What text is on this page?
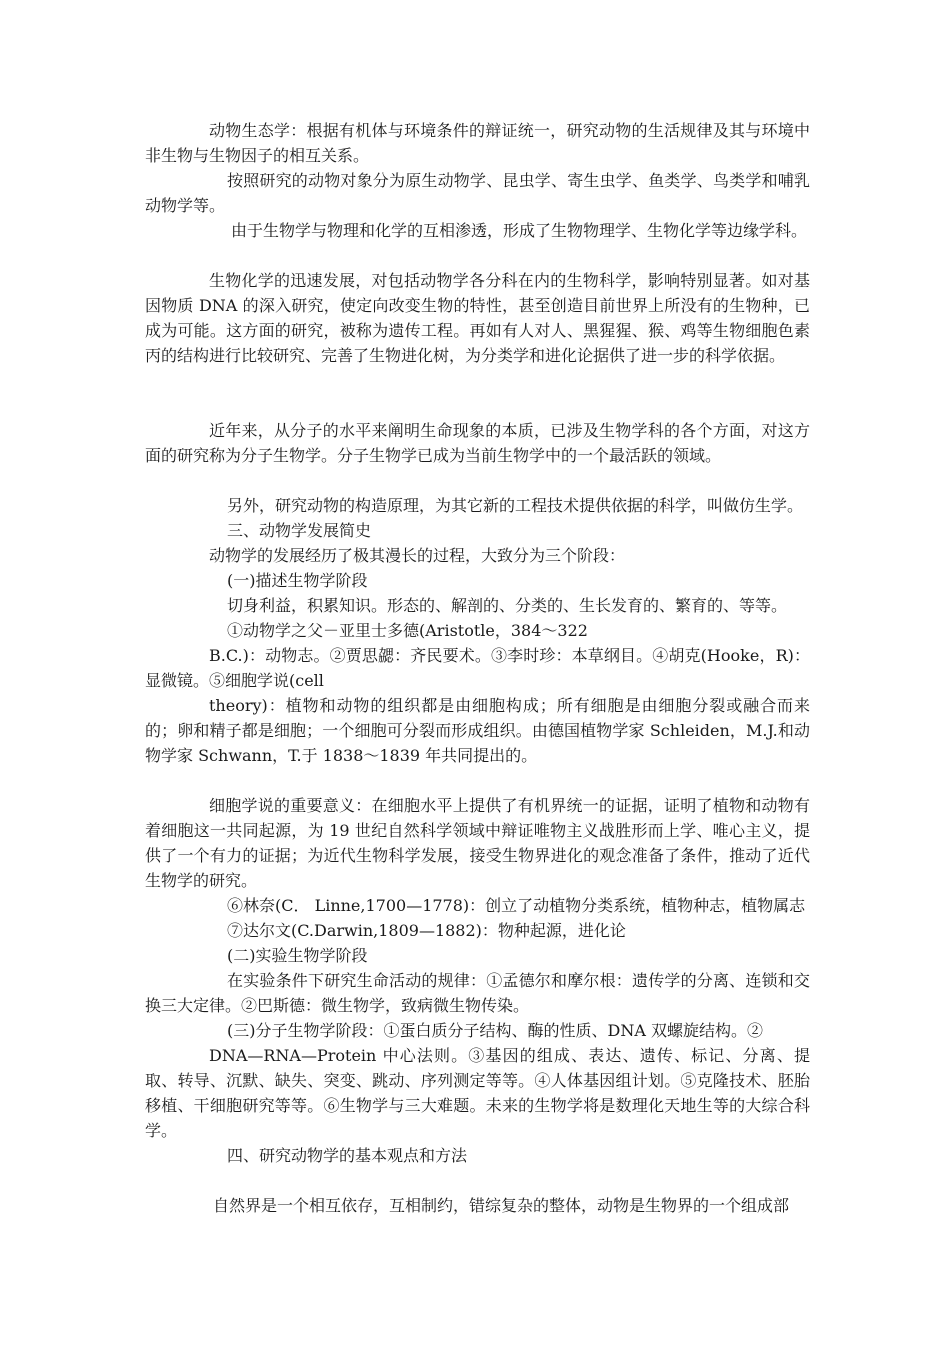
动物生态学：根据有机体与环境条件的辩证统一，研究动物的生活规律及其与环境中非生物与生物因子的相互关系。

按照研究的动物对象分为原生动物学、昆虫学、寄生虫学、鱼类学、鸟类学和哺乳动物学等。

由于生物学与物理和化学的互相渗透，形成了生物物理学、生物化学等边缘学科。

生物化学的迅速发展，对包括动物学各分科在内的生物科学，影响特别显著。如对基因物质 DNA 的深入研究，使定向改变生物的特性，甚至创造目前世界上所没有的生物种，已成为可能。这方面的研究，被称为遗传工程。再如有人对人、黑猩猩、猴、鸡等生物细胞色素丙的结构进行比较研究、完善了生物进化树，为分类学和进化论据供了进一步的科学依据。

近年来，从分子的水平来阐明生命现象的本质，已涉及生物学科的各个方面，对这方面的研究称为分子生物学。分子生物学已成为当前生物学中的一个最活跃的领域。

另外，研究动物的构造原理，为其它新的工程技术提供依据的科学，叫做仿生学。

三、动物学发展简史

动物学的发展经历了极其漫长的过程，大致分为三个阶段：

(一)描述生物学阶段

切身利益，积累知识。形态的、解剖的、分类的、生长发育的、繁育的、等等。

①动物学之父－亚里士多德(Aristotle，384～322

B.C.)：动物志。②贾思勰：齐民要术。③李时珍：本草纲目。④胡克(Hooke，R)：显微镜。⑤细胞学说(cell

theory)：植物和动物的组织都是由细胞构成；所有细胞是由细胞分裂或融合而来的；卵和精子都是细胞；一个细胞可分裂而形成组织。由德国植物学家 Schleiden，M.J.和动物学家 Schwann，T.于 1838～1839 年共同提出的。

细胞学说的重要意义：在细胞水平上提供了有机界统一的证据，证明了植物和动物有着细胞这一共同起源，为 19 世纪自然科学领域中辩证唯物主义战胜形而上学、唯心主义，提供了一个有力的证据；为近代生物科学发展，接受生物界进化的观念准备了条件，推动了近代生物学的研究。

⑥林奈(C． Linne,1700—1778)：创立了动植物分类系统，植物种志，植物属志

⑦达尔文(C.Darwin,1809—1882)：物种起源，进化论

(二)实验生物学阶段

在实验条件下研究生命活动的规律：①孟德尔和摩尔根：遗传学的分离、连锁和交换三大定律。②巴斯德：微生物学，致病微生物传染。

(三)分子生物学阶段：①蛋白质分子结构、酶的性质、DNA 双螺旋结构。②

DNA—RNA—Protein 中心法则。③基因的组成、表达、遗传、标记、分离、提取、转导、沉默、缺失、突变、跳动、序列测定等等。④人体基因组计划。⑤克隆技术、胚胎移植、干细胞研究等等。⑥生物学与三大难题。未来的生物学将是数理化天地生等的大综合科学。

四、研究动物学的基本观点和方法

自然界是一个相互依存，互相制约，错综复杂的整体，动物是生物界的一个组成部
